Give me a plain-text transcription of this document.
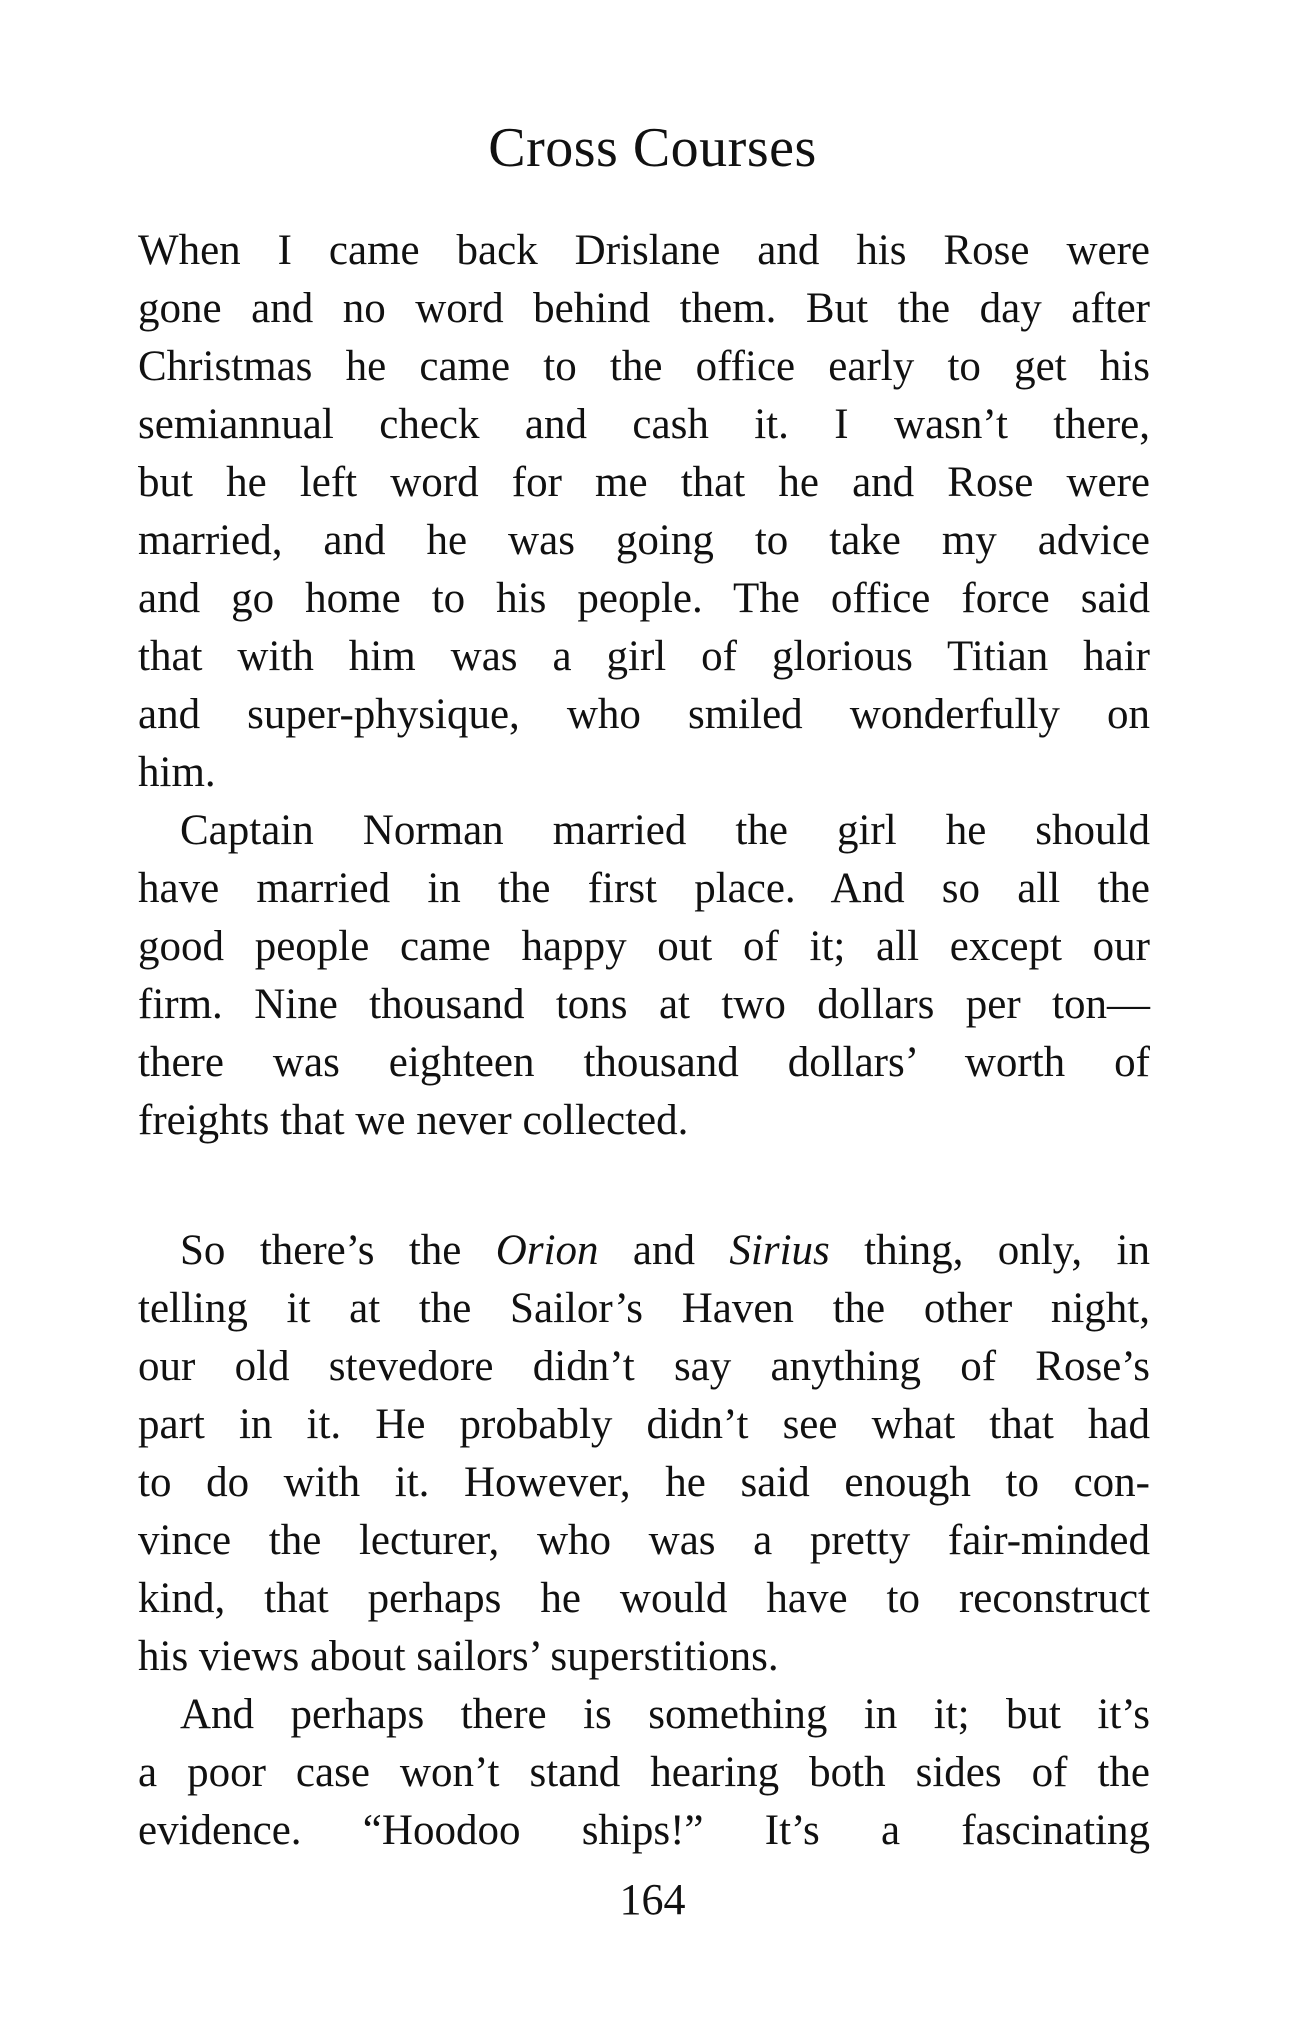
Cross Courses
When I came back Drislane and his Rose were
gone and no word behind them. But the day after
Christmas he came to the office early to get his
semiannual check and cash it. I wasn’t there,
but he left word for me that he and Rose were
married, and he was going to take my advice
and go home to his people. The office force said
that with him was a girl of glorious Titian hair
and super-physique, who smiled wonderfully on
him.
Captain Norman married the girl he should
have married in the first place. And so all the
good people came happy out of it; all except our
firm. Nine thousand tons at two dollars per ton—
there was eighteen thousand dollars’ worth of
freights that we never collected.
So there’s the Orion and Sirius thing, only, in
telling it at the Sailor’s Haven the other night,
our old stevedore didn’t say anything of Rose’s
part in it. He probably didn’t see what that had
to do with it. However, he said enough to con-
vince the lecturer, who was a pretty fair-minded
kind, that perhaps he would have to reconstruct
his views about sailors’ superstitions.
And perhaps there is something in it; but it’s
a poor case won’t stand hearing both sides of the
evidence. “Hoodoo ships!” It’s a fascinating
164
